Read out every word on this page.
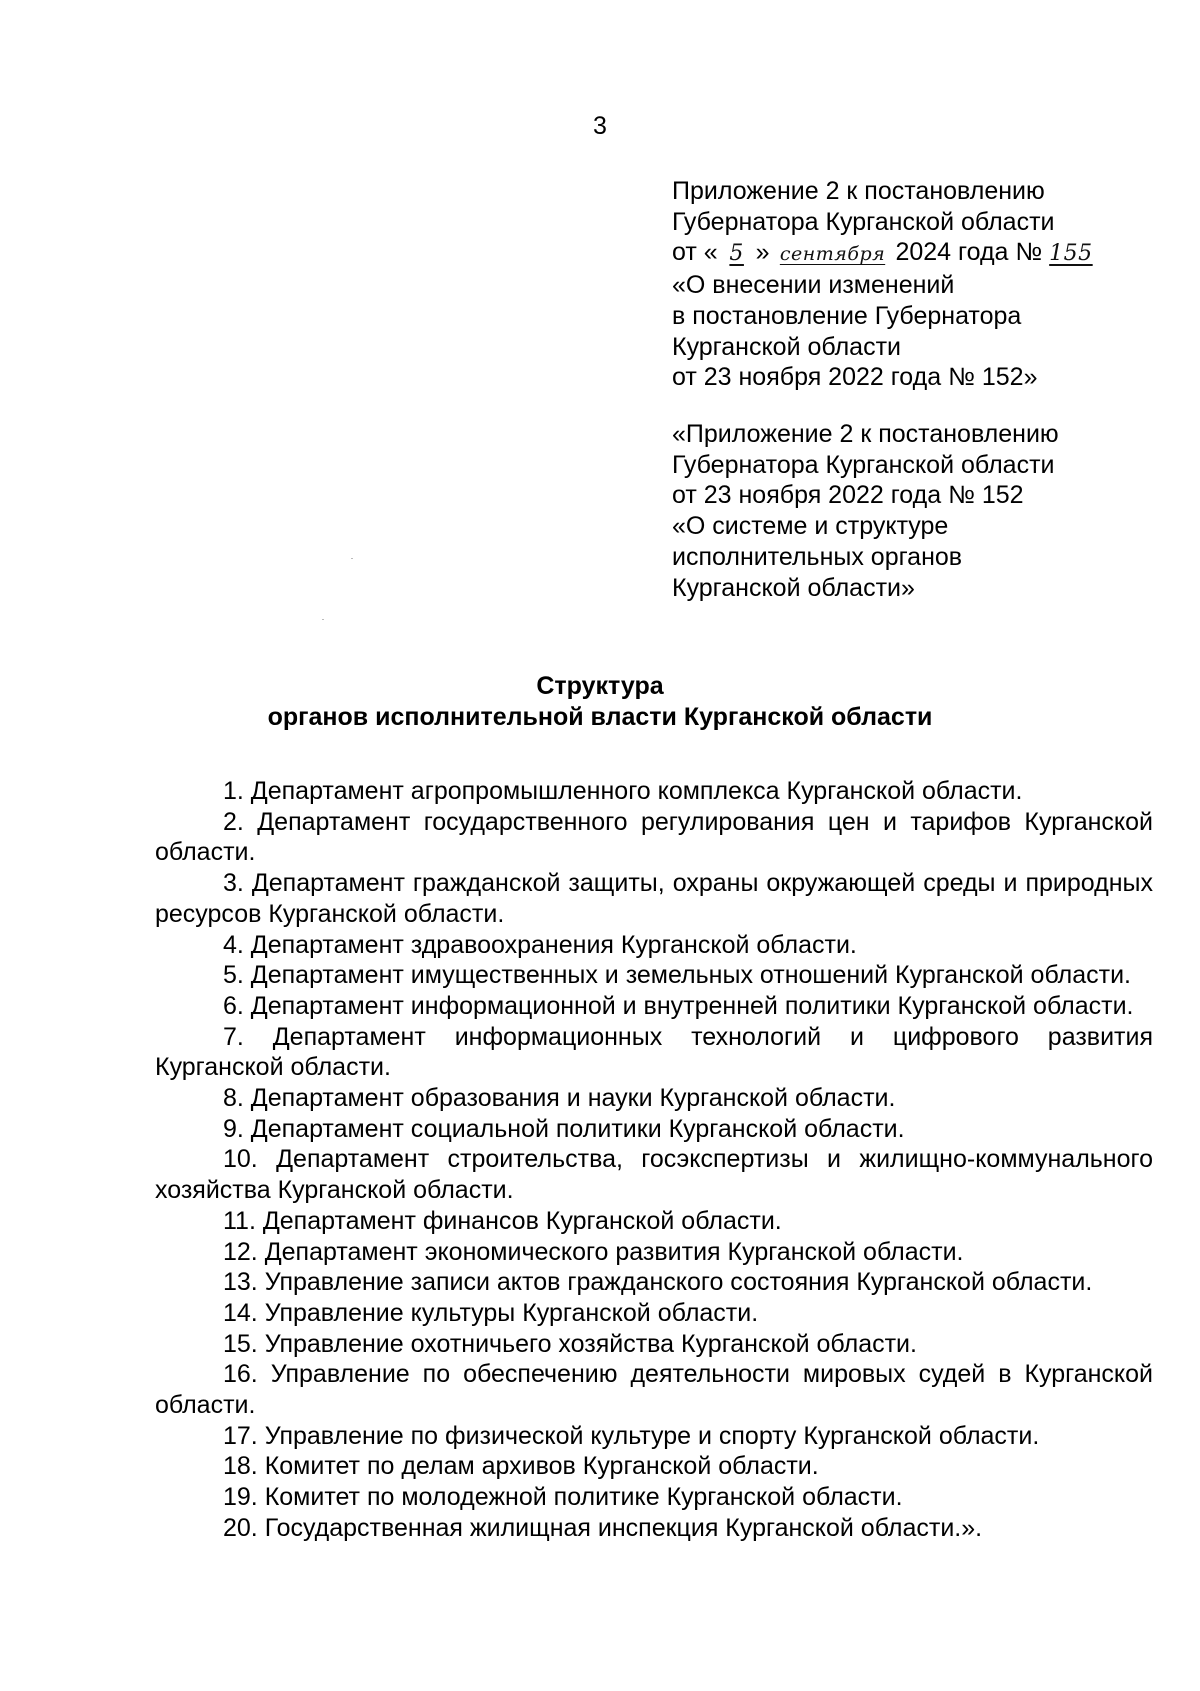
3
Приложение 2 к постановлению
Губернатора Курганской области
от « 5 » сентября 2024 года № 155
«О внесении изменений
в постановление Губернатора
Курганской области
от 23 ноября 2022 года № 152»
«Приложение 2 к постановлению
Губернатора Курганской области
от 23 ноября 2022 года № 152
«О системе и структуре
исполнительных органов
Курганской области»
Структура
органов исполнительной власти Курганской области
1. Департамент агропромышленного комплекса Курганской области.
2. Департамент государственного регулирования цен и тарифов Курганской области.
3. Департамент гражданской защиты, охраны окружающей среды и природных ресурсов Курганской области.
4. Департамент здравоохранения Курганской области.
5. Департамент имущественных и земельных отношений Курганской области.
6. Департамент информационной и внутренней политики Курганской области.
7. Департамент информационных технологий и цифрового развития Курганской области.
8. Департамент образования и науки Курганской области.
9. Департамент социальной политики Курганской области.
10. Департамент строительства, госэкспертизы и жилищно-коммунального хозяйства Курганской области.
11. Департамент финансов Курганской области.
12. Департамент экономического развития Курганской области.
13. Управление записи актов гражданского состояния Курганской области.
14. Управление культуры Курганской области.
15. Управление охотничьего хозяйства Курганской области.
16. Управление по обеспечению деятельности мировых судей в Курганской области.
17. Управление по физической культуре и спорту Курганской области.
18. Комитет по делам архивов Курганской области.
19. Комитет по молодежной политике Курганской области.
20. Государственная жилищная инспекция Курганской области.».
